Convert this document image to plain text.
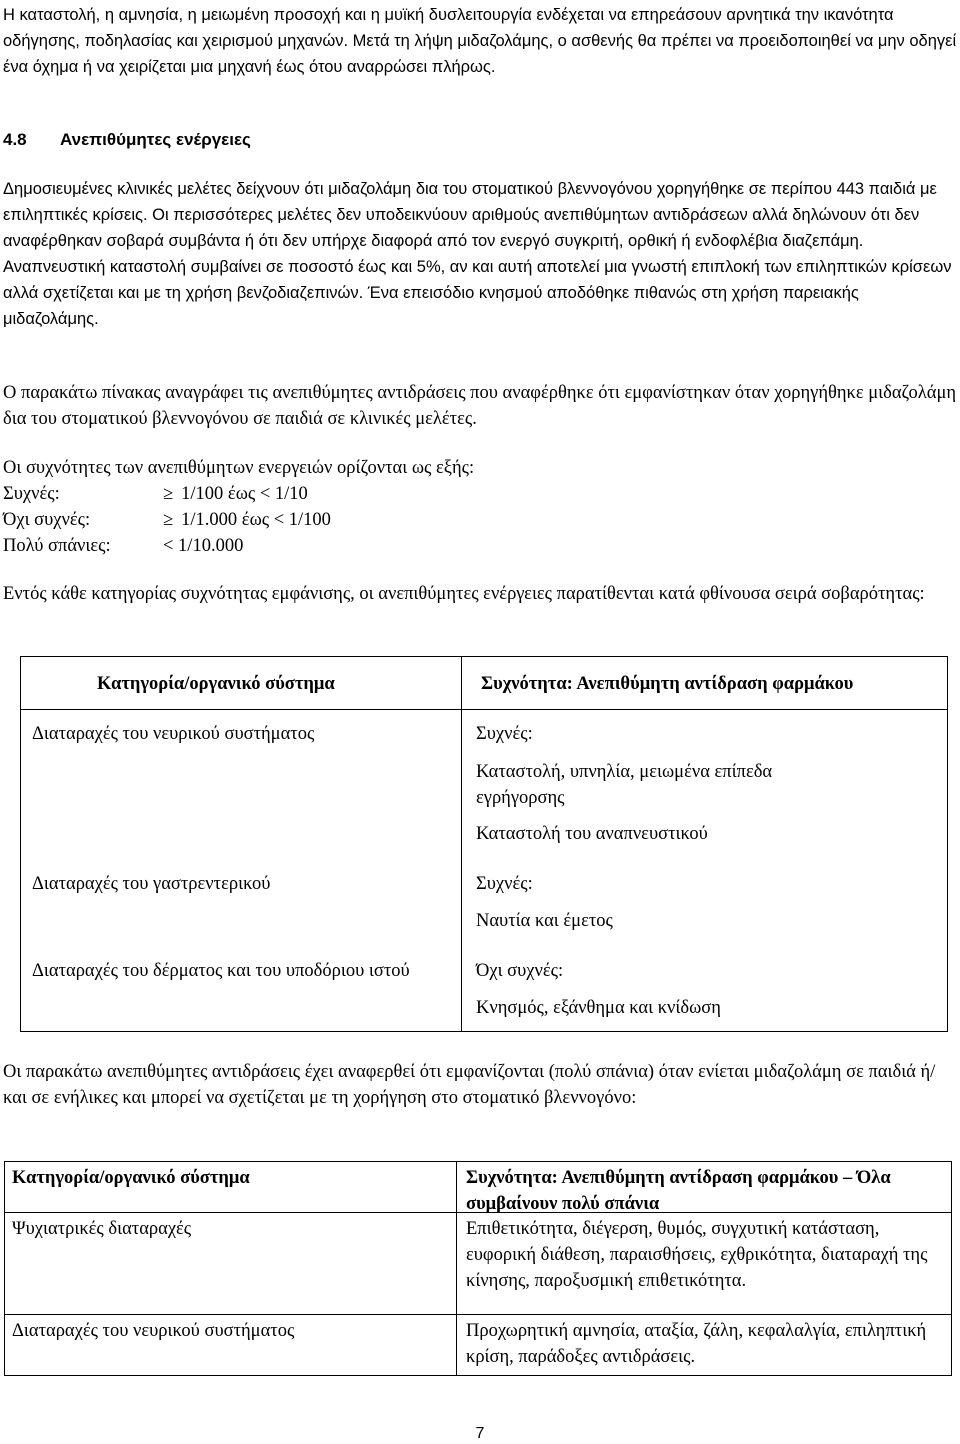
Η καταστολή, η αμνησία, η μειωμένη προσοχή και η μυϊκή δυσλειτουργία ενδέχεται να επηρεάσουν αρνητικά την ικανότητα οδήγησης, ποδηλασίας και χειρισμού μηχανών. Μετά τη λήψη μιδαζολάμης, ο ασθενής θα πρέπει να προειδοποιηθεί να μην οδηγεί ένα όχημα ή να χειρίζεται μια μηχανή έως ότου αναρρώσει πλήρως.

4.8 Ανεπιθύμητες ενέργειες

Δημοσιευμένες κλινικές μελέτες δείχνουν ότι μιδαζολάμη δια του στοματικού βλεννογόνου χορηγήθηκε σε περίπου 443 παιδιά με επιληπτικές κρίσεις. Οι περισσότερες μελέτες δεν υποδεικνύουν αριθμούς ανεπιθύμητων αντιδράσεων αλλά δηλώνουν ότι δεν αναφέρθηκαν σοβαρά συμβάντα ή ότι δεν υπήρχε διαφορά από τον ενεργό συγκριτή, ορθική ή ενδοφλέβια διαζεπάμη. Αναπνευστική καταστολή συμβαίνει σε ποσοστό έως και 5%, αν και αυτή αποτελεί μια γνωστή επιπλοκή των επιληπτικών κρίσεων αλλά σχετίζεται και με τη χρήση βενζοδιαζεπινών. Ένα επεισόδιο κνησμού αποδόθηκε πιθανώς στη χρήση παρειακής μιδαζολάμης.

Ο παρακάτω πίνακας αναγράφει τις ανεπιθύμητες αντιδράσεις που αναφέρθηκε ότι εμφανίστηκαν όταν χορηγήθηκε μιδαζολάμη δια του στοματικού βλεννογόνου σε παιδιά σε κλινικές μελέτες.

Οι συχνότητες των ανεπιθύμητων ενεργειών ορίζονται ως εξής:

Συχνές:	≥ 1/100 έως < 1/10
Όχι συχνές:	≥ 1/1.000 έως < 1/100
Πολύ σπάνιες:	< 1/10.000

Εντός κάθε κατηγορίας συχνότητας εμφάνισης, οι ανεπιθύμητες ενέργειες παρατίθενται κατά φθίνουσα σειρά σοβαρότητας:

Κατηγορία/οργανικό σύστημα	Συχνότητα: Ανεπιθύμητη αντίδραση φαρμάκου
Διαταραχές του νευρικού συστήματος	Συχνές:
Καταστολή, υπνηλία, μειωμένα επίπεδα εγρήγορσης
Καταστολή του αναπνευστικού
Διαταραχές του γαστρεντερικού	Συχνές:
Ναυτία και έμετος
Διαταραχές του δέρματος και του υποδόριου ιστού	Όχι συχνές:
Κνησμός, εξάνθημα και κνίδωση

Οι παρακάτω ανεπιθύμητες αντιδράσεις έχει αναφερθεί ότι εμφανίζονται (πολύ σπάνια) όταν ενίεται μιδαζολάμη σε παιδιά ή/και σε ενήλικες και μπορεί να σχετίζεται με τη χορήγηση στο στοματικό βλεννογόνο:

Κατηγορία/οργανικό σύστημα	Συχνότητα: Ανεπιθύμητη αντίδραση φαρμάκου – Όλα συμβαίνουν πολύ σπάνια
Ψυχιατρικές διαταραχές	Επιθετικότητα, διέγερση, θυμός, συγχυτική κατάσταση, ευφορική διάθεση, παραισθήσεις, εχθρικότητα, διαταραχή της κίνησης, παροξυσμική επιθετικότητα.
Διαταραχές του νευρικού συστήματος	Προχωρητική αμνησία, αταξία, ζάλη, κεφαλαλγία, επιληπτική κρίση, παράδοξες αντιδράσεις.
7
